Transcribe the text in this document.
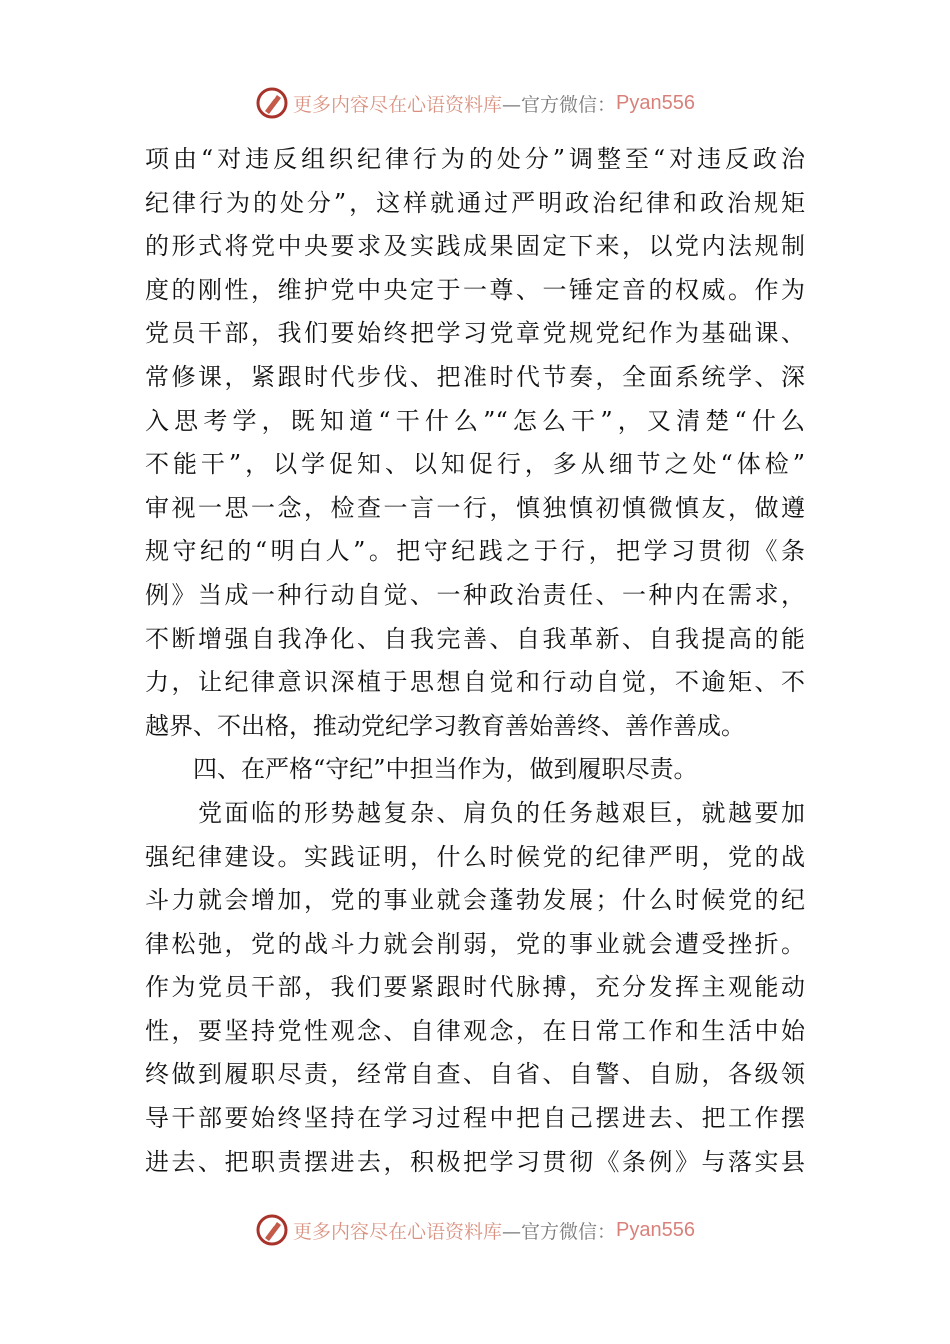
更多内容尽在心语资料库 —官方微信： Pyan556
项由“对违反组织纪律行为的处分”调整至“对违反政治
纪律行为的处分”，这样就通过严明政治纪律和政治规矩
的形式将党中央要求及实践成果固定下来，以党内法规制
度的刚性，维护党中央定于一尊、一锤定音的权威。作为
党员干部，我们要始终把学习党章党规党纪作为基础课、
常修课，紧跟时代步伐、把准时代节奏，全面系统学、深
入思考学，既知道“干什么”“怎么干”，又清楚“什么
不能干”，以学促知、以知促行，多从细节之处“体检”
审视一思一念，检查一言一行，慎独慎初慎微慎友，做遵
规守纪的“明白人”。把守纪践之于行，把学习贯彻《条
例》当成一种行动自觉、一种政治责任、一种内在需求，
不断增强自我净化、自我完善、自我革新、自我提高的能
力，让纪律意识深植于思想自觉和行动自觉，不逾矩、不
越界、不出格，推动党纪学习教育善始善终、善作善成。
　　四、在严格“守纪”中担当作为，做到履职尽责。
　　党面临的形势越复杂、肩负的任务越艰巨，就越要加
强纪律建设。实践证明，什么时候党的纪律严明，党的战
斗力就会增加，党的事业就会蓬勃发展；什么时候党的纪
律松弛，党的战斗力就会削弱，党的事业就会遭受挫折。
作为党员干部，我们要紧跟时代脉搏，充分发挥主观能动
性，要坚持党性观念、自律观念，在日常工作和生活中始
终做到履职尽责，经常自查、自省、自警、自励，各级领
导干部要始终坚持在学习过程中把自己摆进去、把工作摆
进去、把职责摆进去，积极把学习贯彻《条例》与落实县
更多内容尽在心语资料库 —官方微信： Pyan556
